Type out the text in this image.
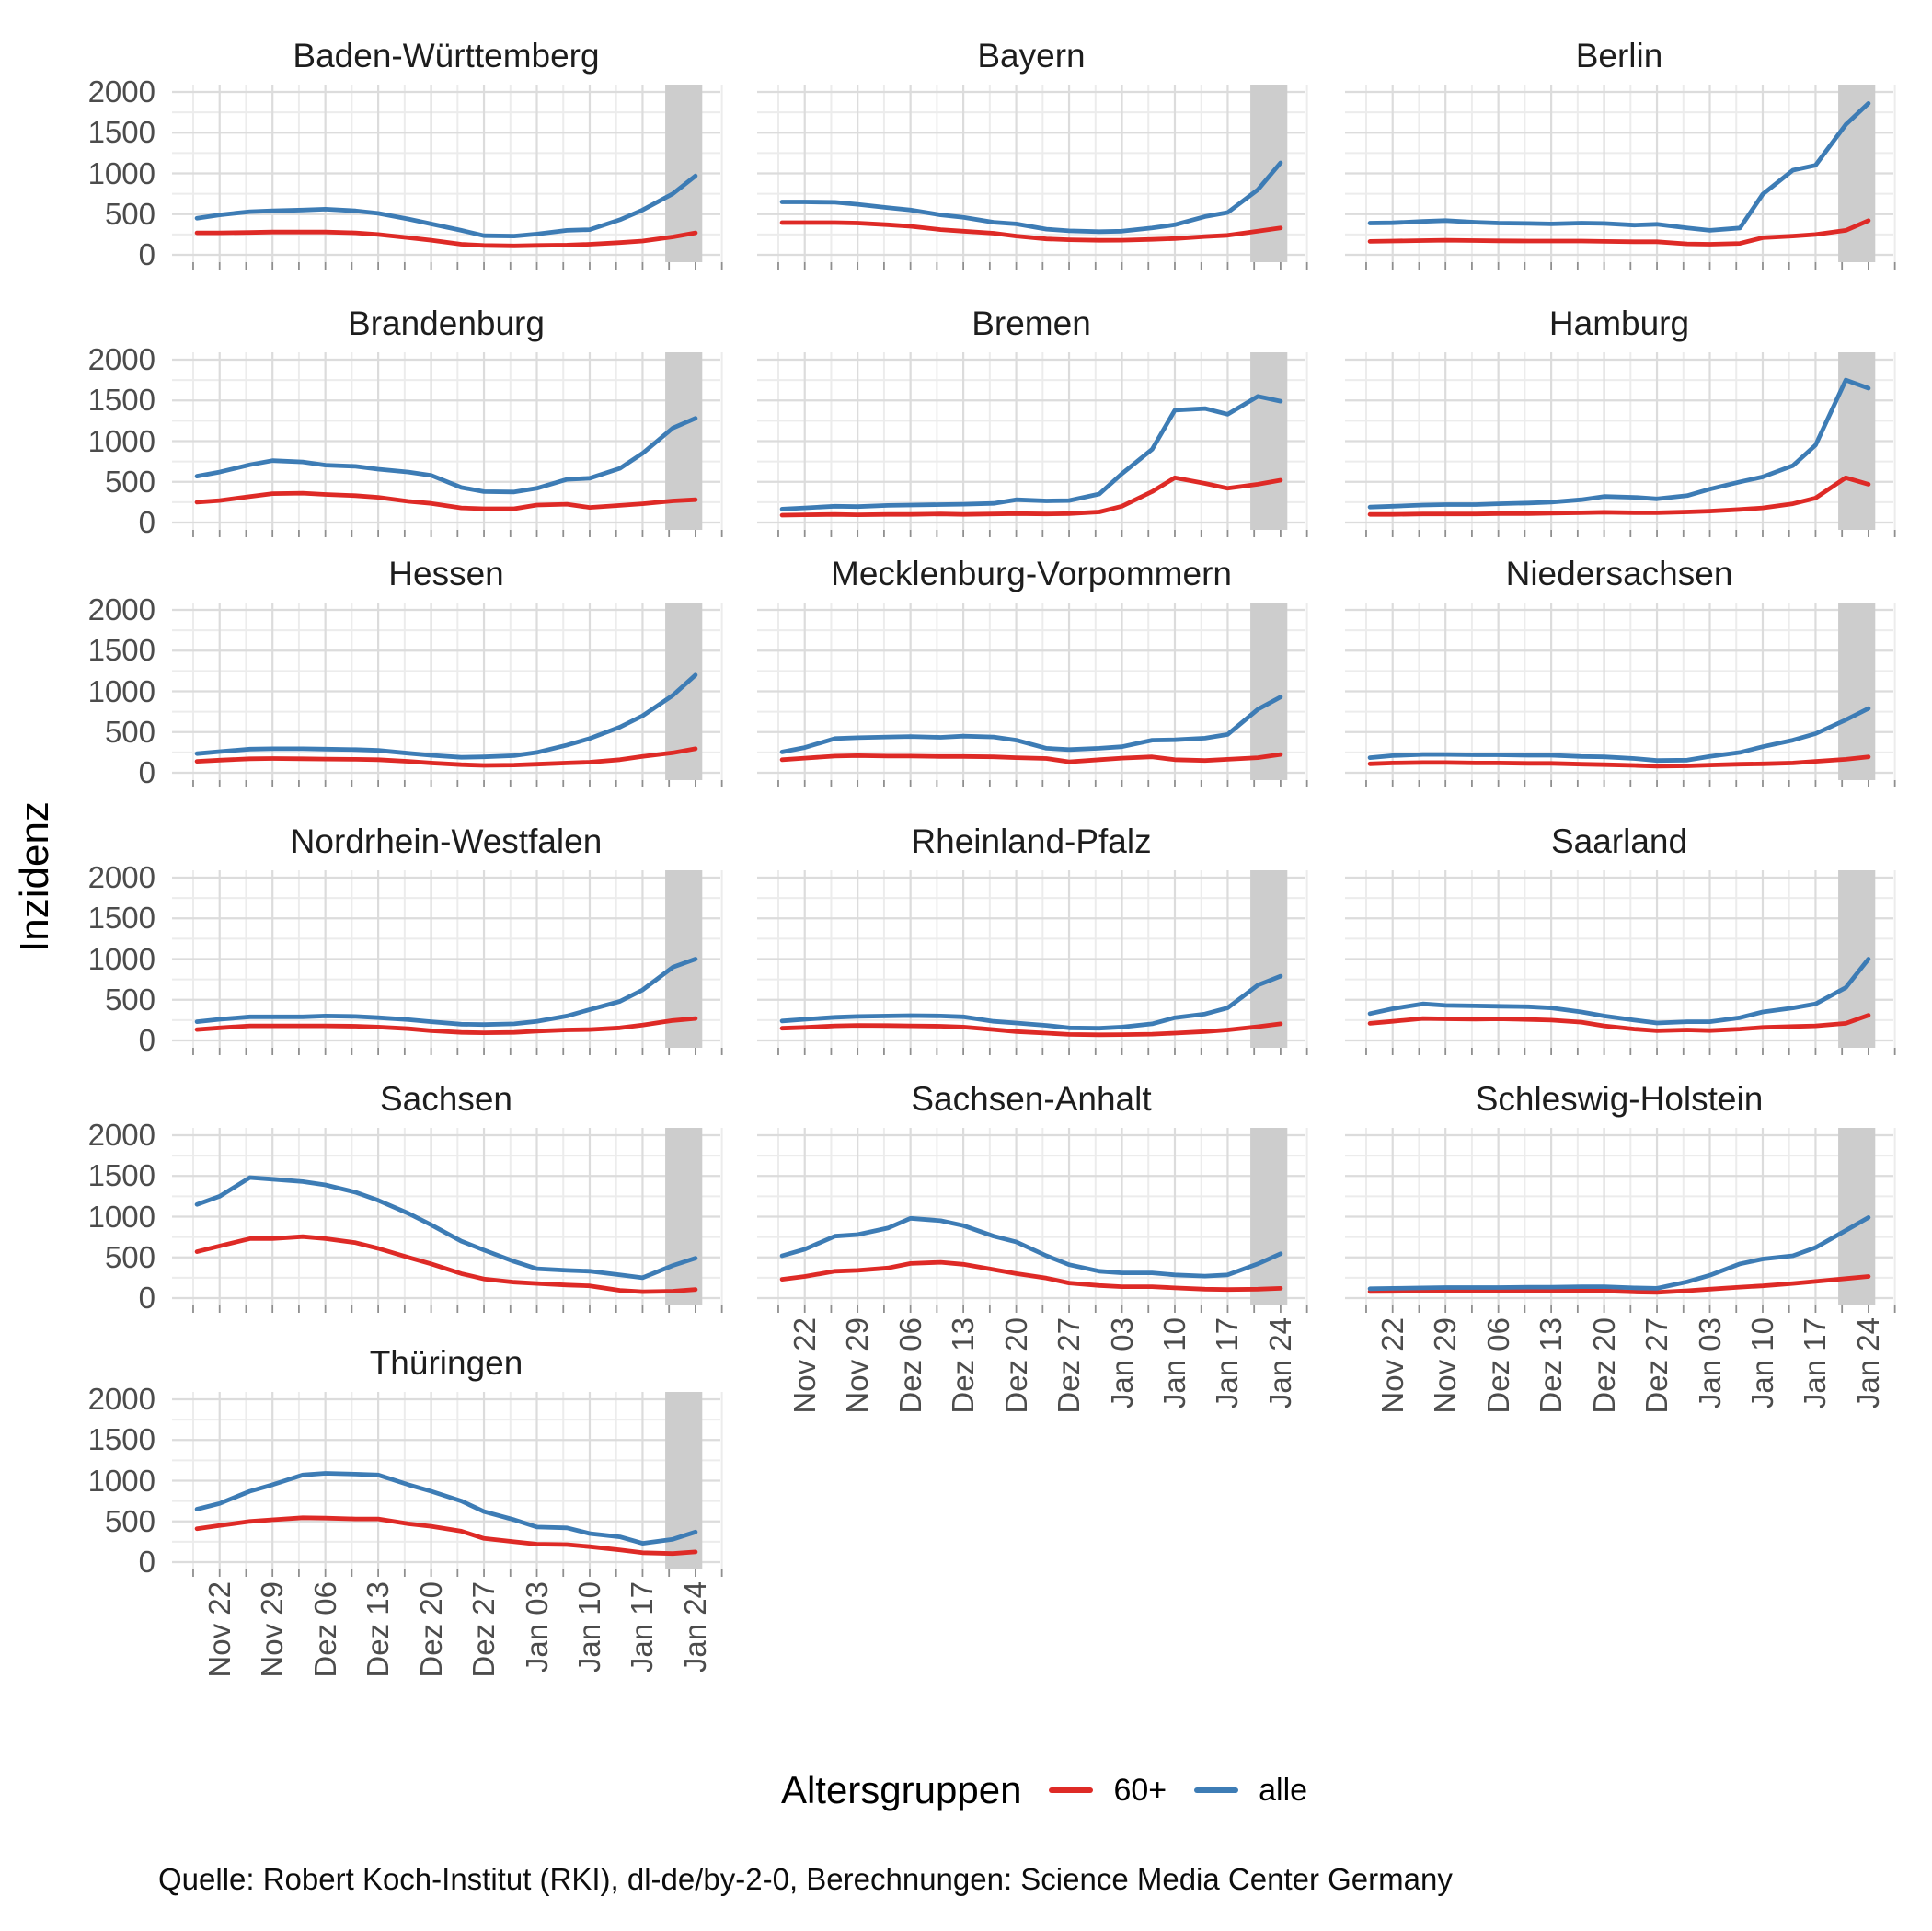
Inzidenz
Baden-Württemberg
0
500
1000
1500
2000
Bayern	Berlin
Brandenburg
0
500
1000
1500
2000
Bremen	Hamburg
Hessen
0
500
1000
1500
2000
Mecklenburg-Vorpommern	Niedersachsen
Nordrhein-Westfalen
0
500
1000
1500
2000
Rheinland-Pfalz	Saarland
Sachsen
0
500
1000
1500
2000
Sachsen-Anhalt
Nov 22 Nov 29 Dez 06 Dez 13 Dez 20 Dez 27 Jan 03 Jan 10 Jan 17 Jan 24
Schleswig-Holstein
Nov 22 Nov 29 Dez 06 Dez 13 Dez 20 Dez 27 Jan 03 Jan 10 Jan 17 Jan 24
Thüringen
0
500
1000
1500
2000
Nov 22 Nov 29 Dez 06 Dez 13 Dez 20 Dez 27 Jan 03 Jan 10 Jan 17 Jan 24
Altersgruppen	60+	alle
Quelle: Robert Koch-Institut (RKI), dl-de/by-2-0, Berechnungen: Science Media Center Germany
